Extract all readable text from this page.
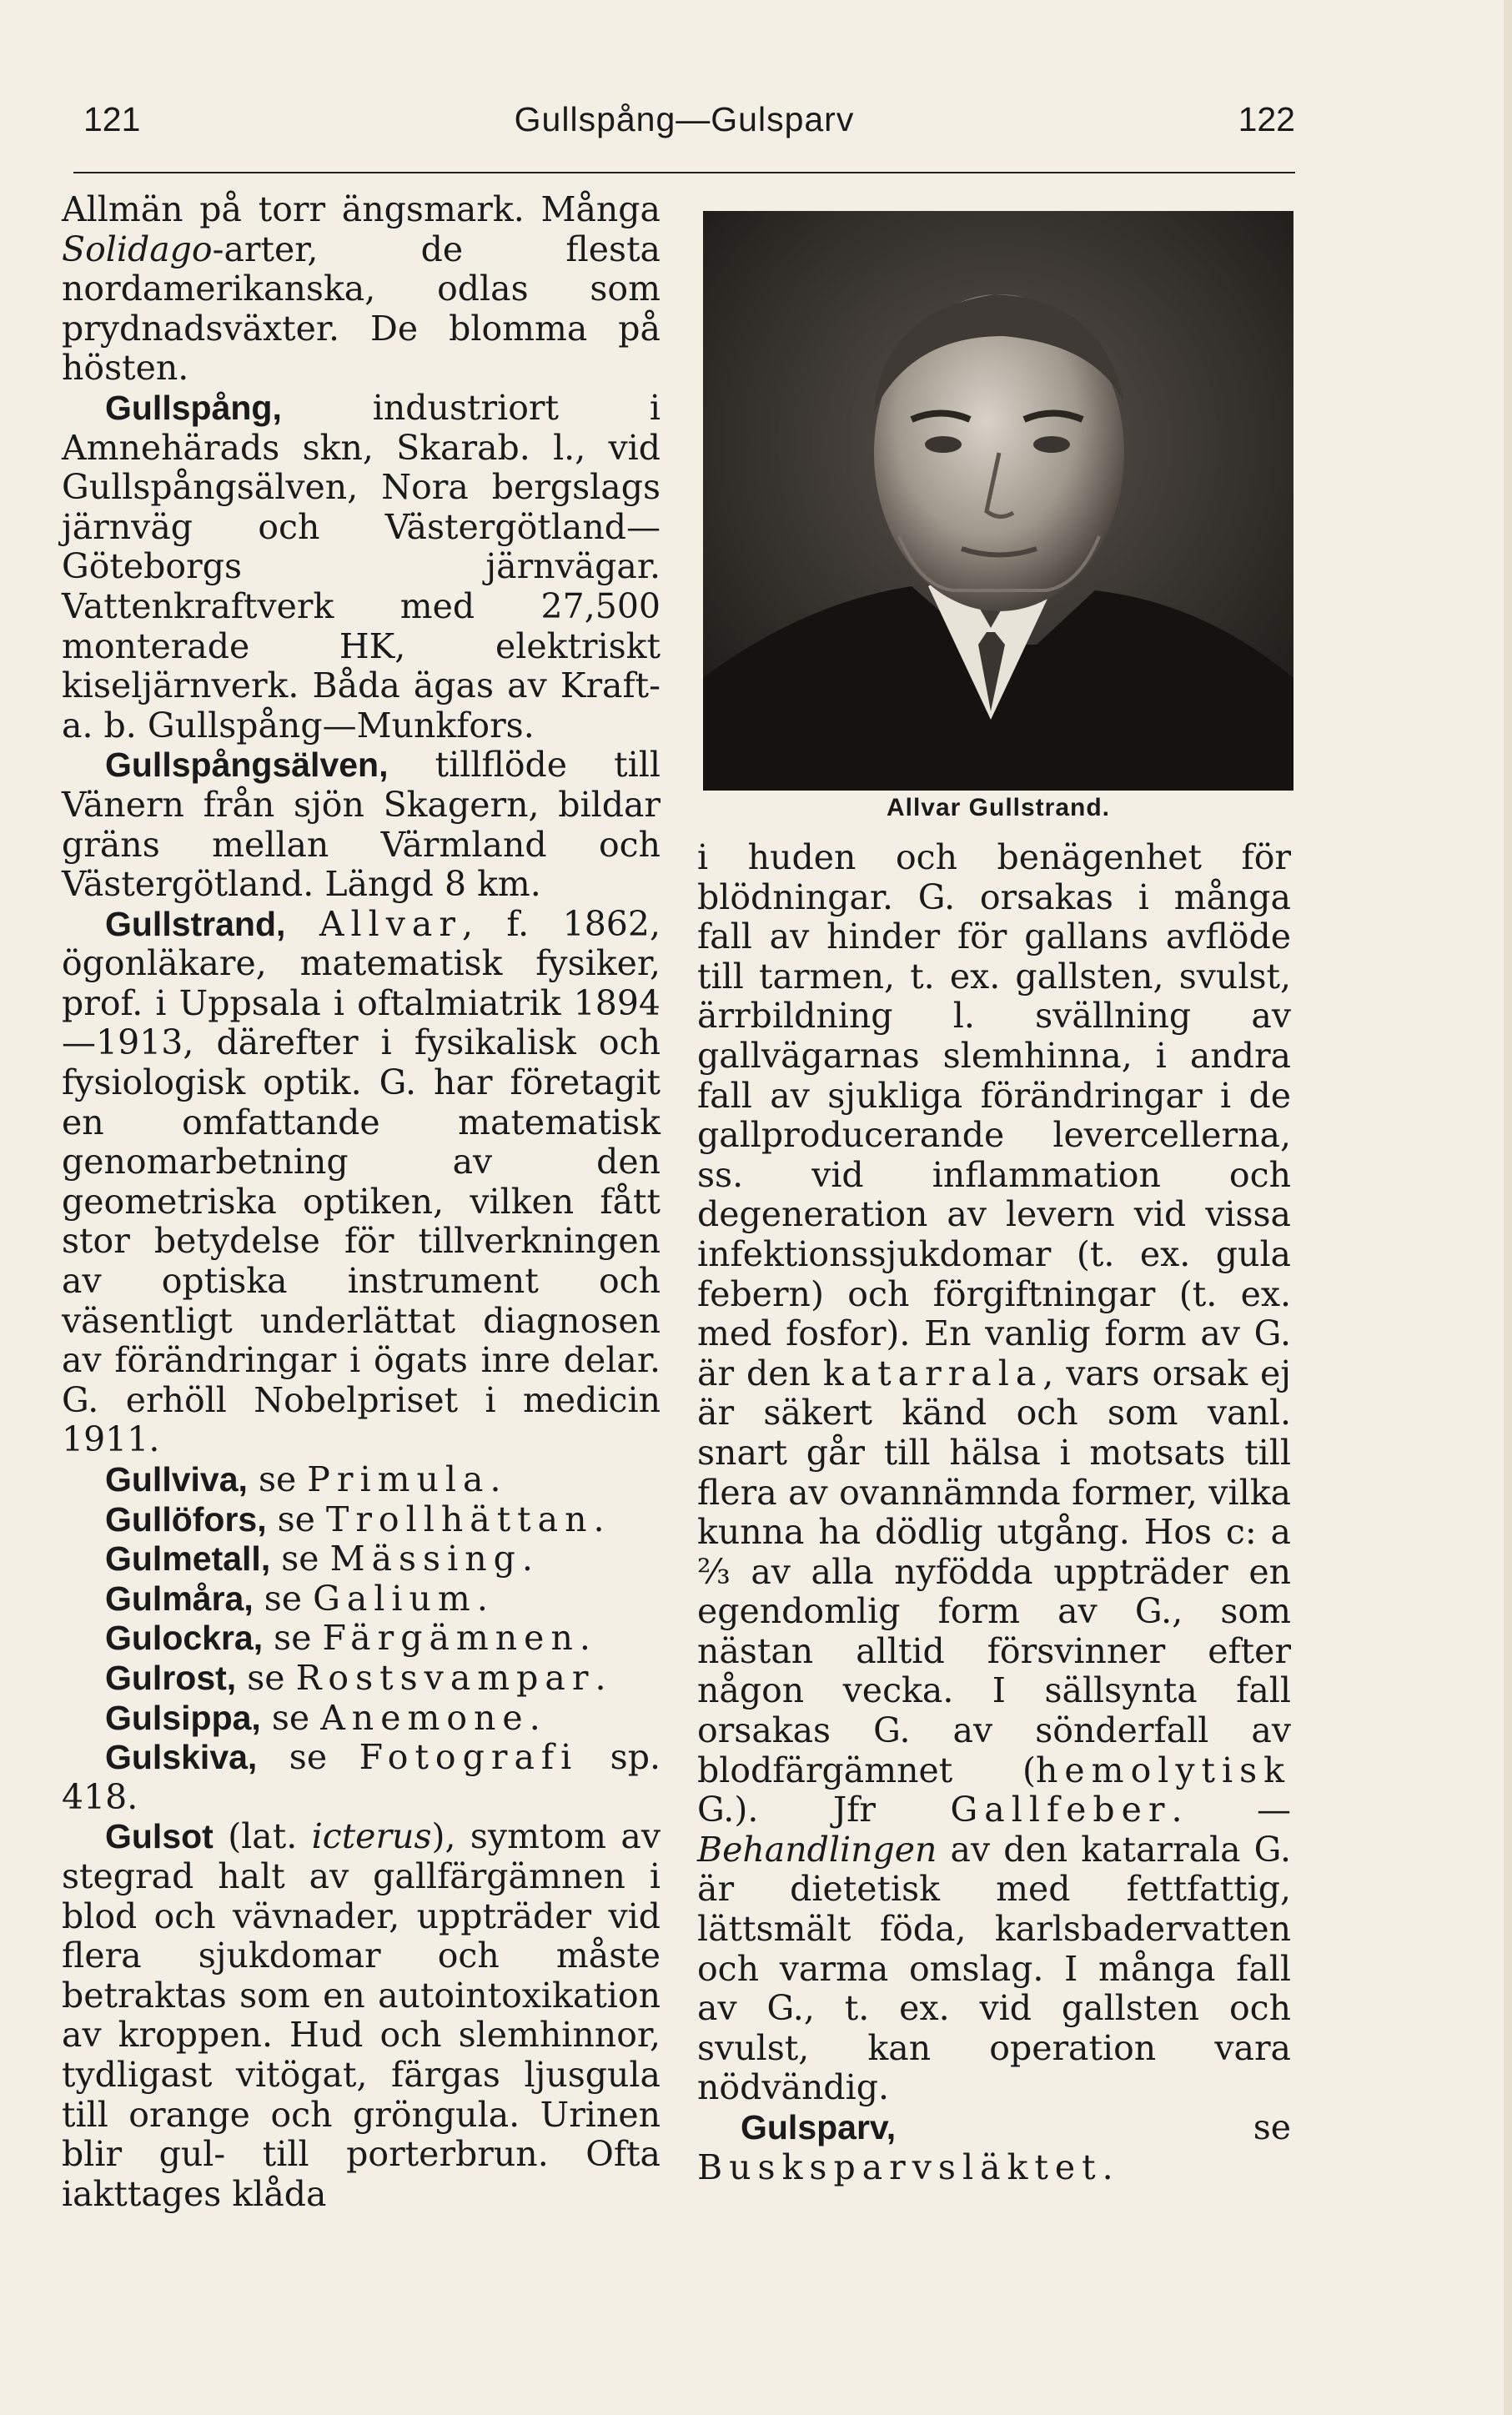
121	Gullspång—Gulsparv	122

Allmän på torr ängsmark. Många Solidago-arter, de flesta nordamerikanska, odlas som prydnadsväxter. De blomma på hösten.

Gullspång, industriort i Amnehärads skn, Skarab. l., vid Gullspångsälven, Nora bergslags järnväg och Västergötland—Göteborgs järnvägar. Vattenkraftverk med 27,500 monterade HK, elektriskt kiseljärnverk. Båda ägas av Kraft-a. b. Gullspång—Munkfors.

Gullspångsälven, tillflöde till Vänern från sjön Skagern, bildar gräns mellan Värmland och Västergötland. Längd 8 km.

Gullstrand, Allvar, f. 1862, ögonläkare, matematisk fysiker, prof. i Uppsala i oftalmiatrik 1894—1913, därefter i fysikalisk och fysiologisk optik. G. har företagit en omfattande matematisk genomarbetning av den geometriska optiken, vilken fått stor betydelse för tillverkningen av optiska instrument och väsentligt underlättat diagnosen av förändringar i ögats inre delar. G. erhöll Nobelpriset i medicin 1911.

Gullviva, se Primula.

Gullöfors, se Trollhättan.

Gulmetall, se Mässing.

Gulmåra, se Galium.

Gulockra, se Färgämnen.

Gulrost, se Rostsvampar.

Gulsippa, se Anemone.

Gulskiva, se Fotografi sp. 418.

Gulsot (lat. icterus), symtom av stegrad halt av gallfärgämnen i blod och vävnader, uppträder vid flera sjukdomar och måste betraktas som en autointoxikation av kroppen. Hud och slemhinnor, tydligast vitögat, färgas ljusgula till orange och gröngula. Urinen blir gul- till porterbrun. Ofta iakttages klåda

Allvar Gullstrand.

i huden och benägenhet för blödningar. G. orsakas i många fall av hinder för gallans avflöde till tarmen, t. ex. gallsten, svulst, ärrbildning l. svällning av gallvägarnas slemhinna, i andra fall av sjukliga förändringar i de gallproducerande levercellerna, ss. vid inflammation och degeneration av levern vid vissa infektionssjukdomar (t. ex. gula febern) och förgiftningar (t. ex. med fosfor). En vanlig form av G. är den katarrala, vars orsak ej är säkert känd och som vanl. snart går till hälsa i motsats till flera av ovannämnda former, vilka kunna ha dödlig utgång. Hos c: a ⅔ av alla nyfödda uppträder en egendomlig form av G., som nästan alltid försvinner efter någon vecka. I sällsynta fall orsakas G. av sönderfall av blodfärgämnet (hemolytisk G.). Jfr Gallfeber. — Behandlingen av den katarrala G. är dietetisk med fettfattig, lättsmält föda, karlsbadervatten och varma omslag. I många fall av G., t. ex. vid gallsten och svulst, kan operation vara nödvändig.

Gulsparv, se Busksparvsläktet.
